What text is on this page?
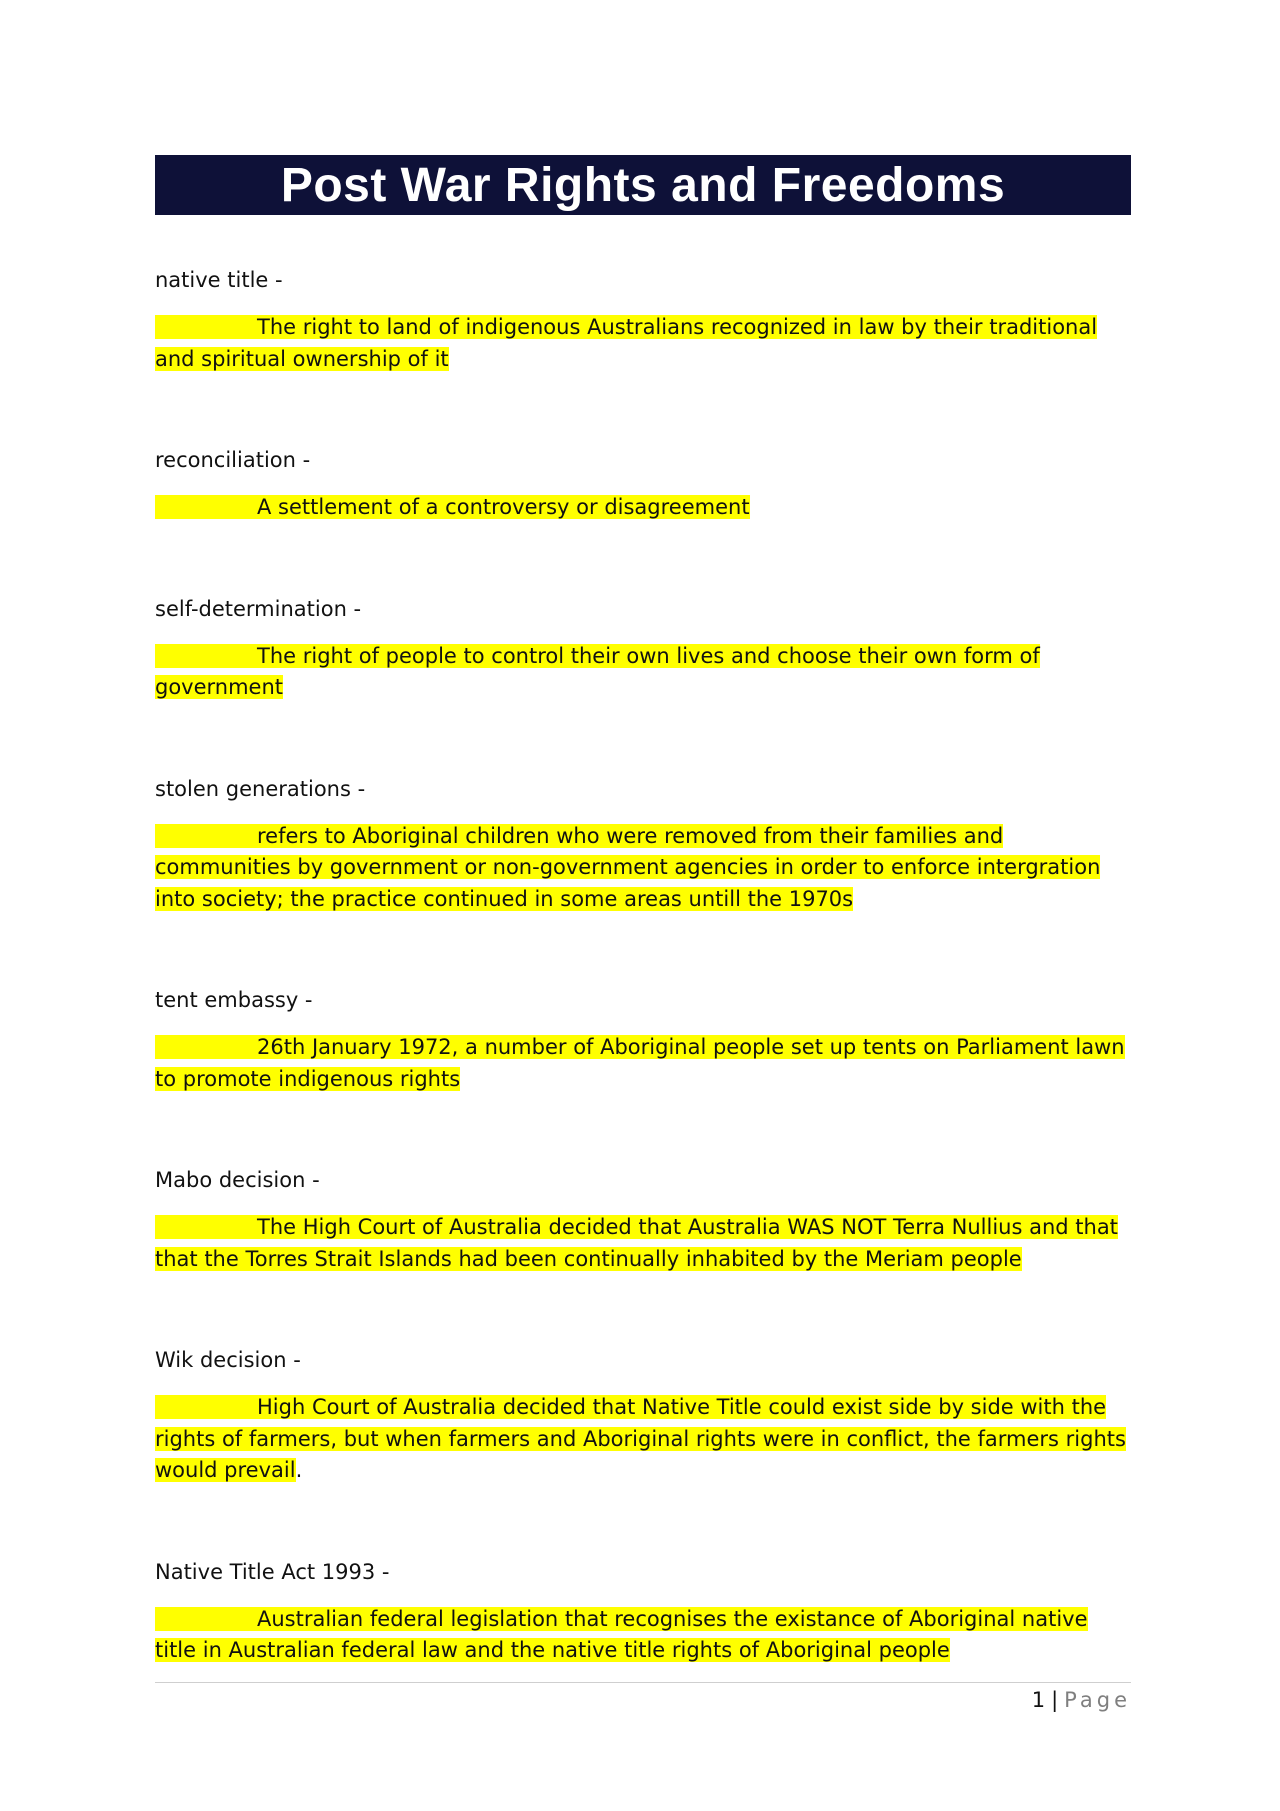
Post War Rights and Freedoms

native title -

The right to land of indigenous Australians recognized in law by their traditional and spiritual ownership of it

reconciliation -

A settlement of a controversy or disagreement

self-determination -

The right of people to control their own lives and choose their own form of government

stolen generations -

refers to Aboriginal children who were removed from their families and communities by government or non-government agencies in order to enforce intergration into society; the practice continued in some areas untill the 1970s

tent embassy -

26th January 1972, a number of Aboriginal people set up tents on Parliament lawn to promote indigenous rights

Mabo decision -

The High Court of Australia decided that Australia WAS NOT Terra Nullius and that that the Torres Strait Islands had been continually inhabited by the Meriam people

Wik decision -

High Court of Australia decided that Native Title could exist side by side with the rights of farmers, but when farmers and Aboriginal rights were in conflict, the farmers rights would prevail.

Native Title Act 1993 -

Australian federal legislation that recognises the existance of Aboriginal native title in Australian federal law and the native title rights of Aboriginal people

1 | Page
